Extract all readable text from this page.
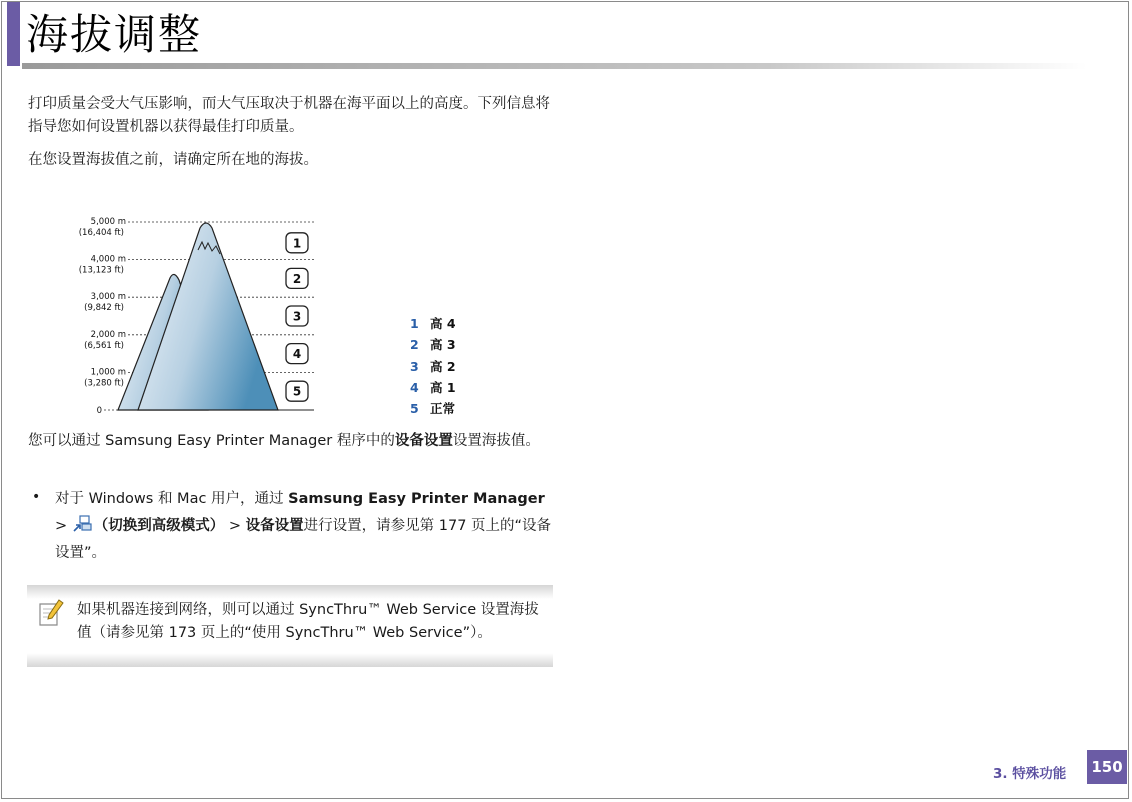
海拔调整
打印质量会受大气压影响，而大气压取决于机器在海平面以上的高度。下列信息将指导您如何设置机器以获得最佳打印质量。
在您设置海拔值之前，请确定所在地的海拔。
5,000 m
(16,404 ft)
4,000 m
(13,123 ft)
3,000 m
(9,842 ft)
2,000 m
(6,561 ft)
1,000 m
(3,280 ft)
0
1
2
3
4
5
1 高 4
2 高 3
3 高 2
4 高 1
5 正常
您可以通过 Samsung Easy Printer Manager 程序中的设备设置设置海拔值。
• 对于 Windows 和 Mac 用户，通过 Samsung Easy Printer Manager > （切换到高级模式） > 设备设置进行设置，请参见第 177 页上的“设备设置”。
如果机器连接到网络，则可以通过 SyncThru™ Web Service 设置海拔值（请参见第 173 页上的“使用 SyncThru™ Web Service”）。
3. 特殊功能 150
